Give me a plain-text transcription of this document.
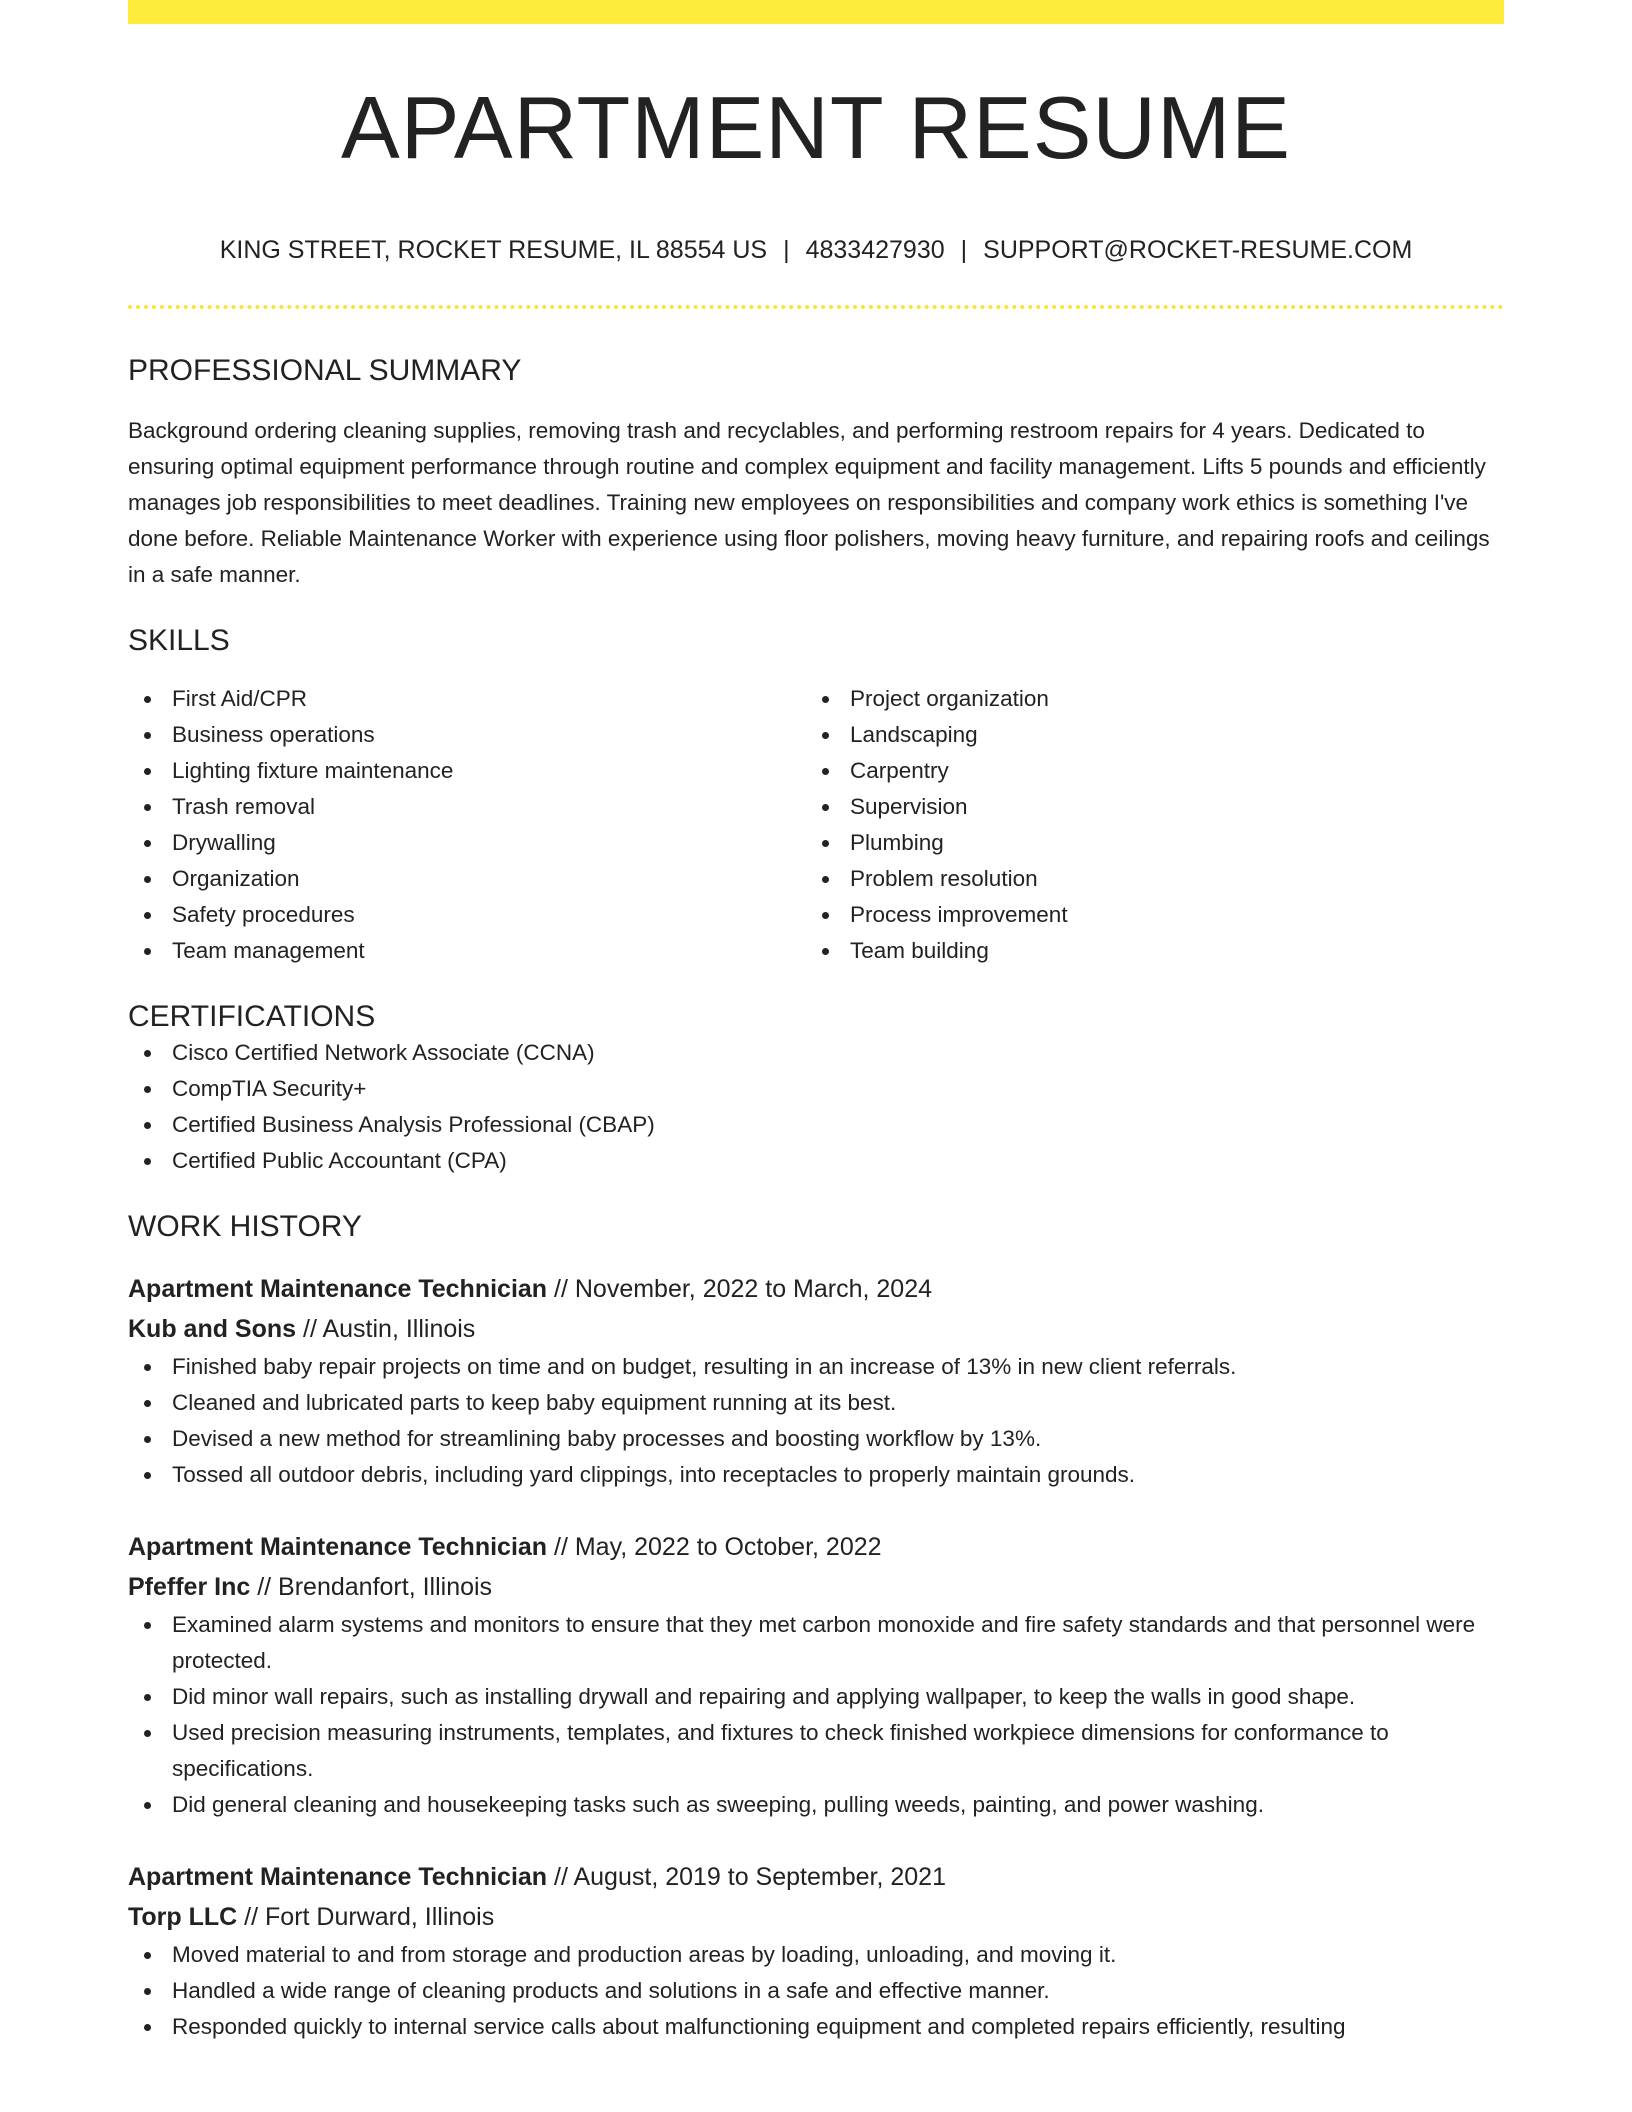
APARTMENT RESUME
KING STREET, ROCKET RESUME, IL 88554 US | 4833427930 | SUPPORT@ROCKET-RESUME.COM
PROFESSIONAL SUMMARY

Background ordering cleaning supplies, removing trash and recyclables, and performing restroom repairs for 4 years. Dedicated to ensuring optimal equipment performance through routine and complex equipment and facility management. Lifts 5 pounds and efficiently manages job responsibilities to meet deadlines. Training new employees on responsibilities and company work ethics is something I've done before. Reliable Maintenance Worker with experience using floor polishers, moving heavy furniture, and repairing roofs and ceilings in a safe manner.

SKILLS
First Aid/CPR
Business operations
Lighting fixture maintenance
Trash removal
Drywalling
Organization
Safety procedures
Team management
Project organization
Landscaping
Carpentry
Supervision
Plumbing
Problem resolution
Process improvement
Team building
CERTIFICATIONS
Cisco Certified Network Associate (CCNA)
CompTIA Security+
Certified Business Analysis Professional (CBAP)
Certified Public Accountant (CPA)
WORK HISTORY
Apartment Maintenance Technician // November, 2022 to March, 2024
Kub and Sons // Austin, Illinois
Finished baby repair projects on time and on budget, resulting in an increase of 13% in new client referrals.
Cleaned and lubricated parts to keep baby equipment running at its best.
Devised a new method for streamlining baby processes and boosting workflow by 13%.
Tossed all outdoor debris, including yard clippings, into receptacles to properly maintain grounds.
Apartment Maintenance Technician // May, 2022 to October, 2022
Pfeffer Inc // Brendanfort, Illinois
Examined alarm systems and monitors to ensure that they met carbon monoxide and fire safety standards and that personnel were protected.
Did minor wall repairs, such as installing drywall and repairing and applying wallpaper, to keep the walls in good shape.
Used precision measuring instruments, templates, and fixtures to check finished workpiece dimensions for conformance to specifications.
Did general cleaning and housekeeping tasks such as sweeping, pulling weeds, painting, and power washing.
Apartment Maintenance Technician // August, 2019 to September, 2021
Torp LLC // Fort Durward, Illinois
Moved material to and from storage and production areas by loading, unloading, and moving it.
Handled a wide range of cleaning products and solutions in a safe and effective manner.
Responded quickly to internal service calls about malfunctioning equipment and completed repairs efficiently, resulting
